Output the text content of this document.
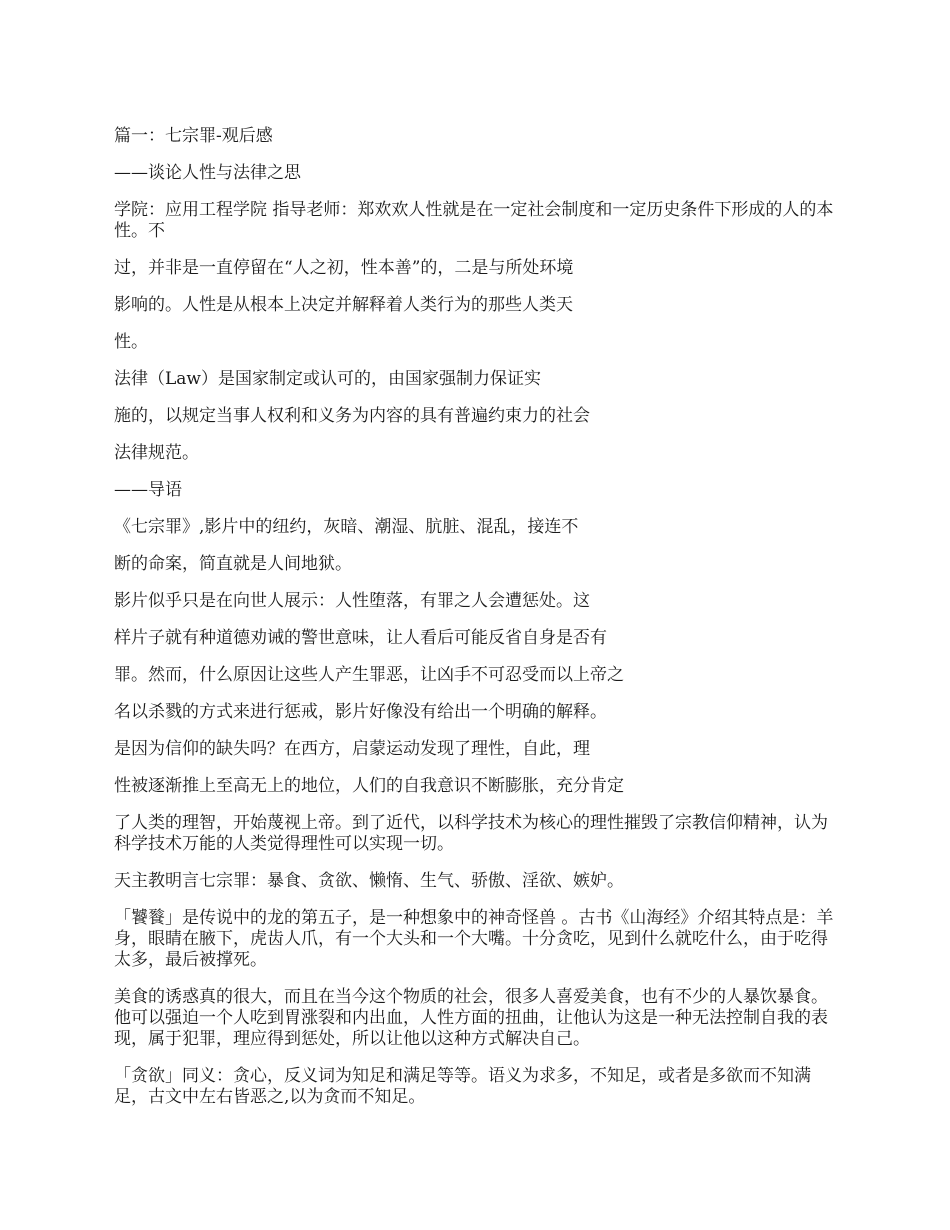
篇一：七宗罪-观后感

——谈论人性与法律之思

学院：应用工程学院 指导老师：郑欢欢人性就是在一定社会制度和一定历史条件下形成的人的本性。不

过，并非是一直停留在“人之初，性本善”的，二是与所处环境

影响的。人性是从根本上决定并解释着人类行为的那些人类天

性。

法律（Law）是国家制定或认可的，由国家强制力保证实

施的，以规定当事人权利和义务为内容的具有普遍约束力的社会

法律规范。

——导语

《七宗罪》,影片中的纽约，灰暗、潮湿、肮脏、混乱，接连不

断的命案，简直就是人间地狱。

影片似乎只是在向世人展示：人性堕落，有罪之人会遭惩处。这

样片子就有种道德劝诫的警世意味，让人看后可能反省自身是否有

罪。然而，什么原因让这些人产生罪恶，让凶手不可忍受而以上帝之

名以杀戮的方式来进行惩戒，影片好像没有给出一个明确的解释。

是因为信仰的缺失吗？在西方，启蒙运动发现了理性，自此，理

性被逐渐推上至高无上的地位，人们的自我意识不断膨胀，充分肯定

了人类的理智，开始蔑视上帝。到了近代，以科学技术为核心的理性摧毁了宗教信仰精神，认为科学技术万能的人类觉得理性可以实现一切。

天主教明言七宗罪：暴食、贪欲、懒惰、生气、骄傲、淫欲、嫉妒。

「饕餮」是传说中的龙的第五子，是一种想象中的神奇怪兽 。古书《山海经》介绍其特点是：羊身，眼睛在腋下，虎齿人爪，有一个大头和一个大嘴。十分贪吃，见到什么就吃什么，由于吃得太多，最后被撑死。

美食的诱惑真的很大，而且在当今这个物质的社会，很多人喜爱美食，也有不少的人暴饮暴食。他可以强迫一个人吃到胃涨裂和内出血，人性方面的扭曲，让他认为这是一种无法控制自我的表现，属于犯罪，理应得到惩处，所以让他以这种方式解决自己。

「贪欲」同义：贪心，反义词为知足和满足等等。语义为求多，不知足，或者是多欲而不知满足，古文中左右皆恶之,以为贪而不知足。
